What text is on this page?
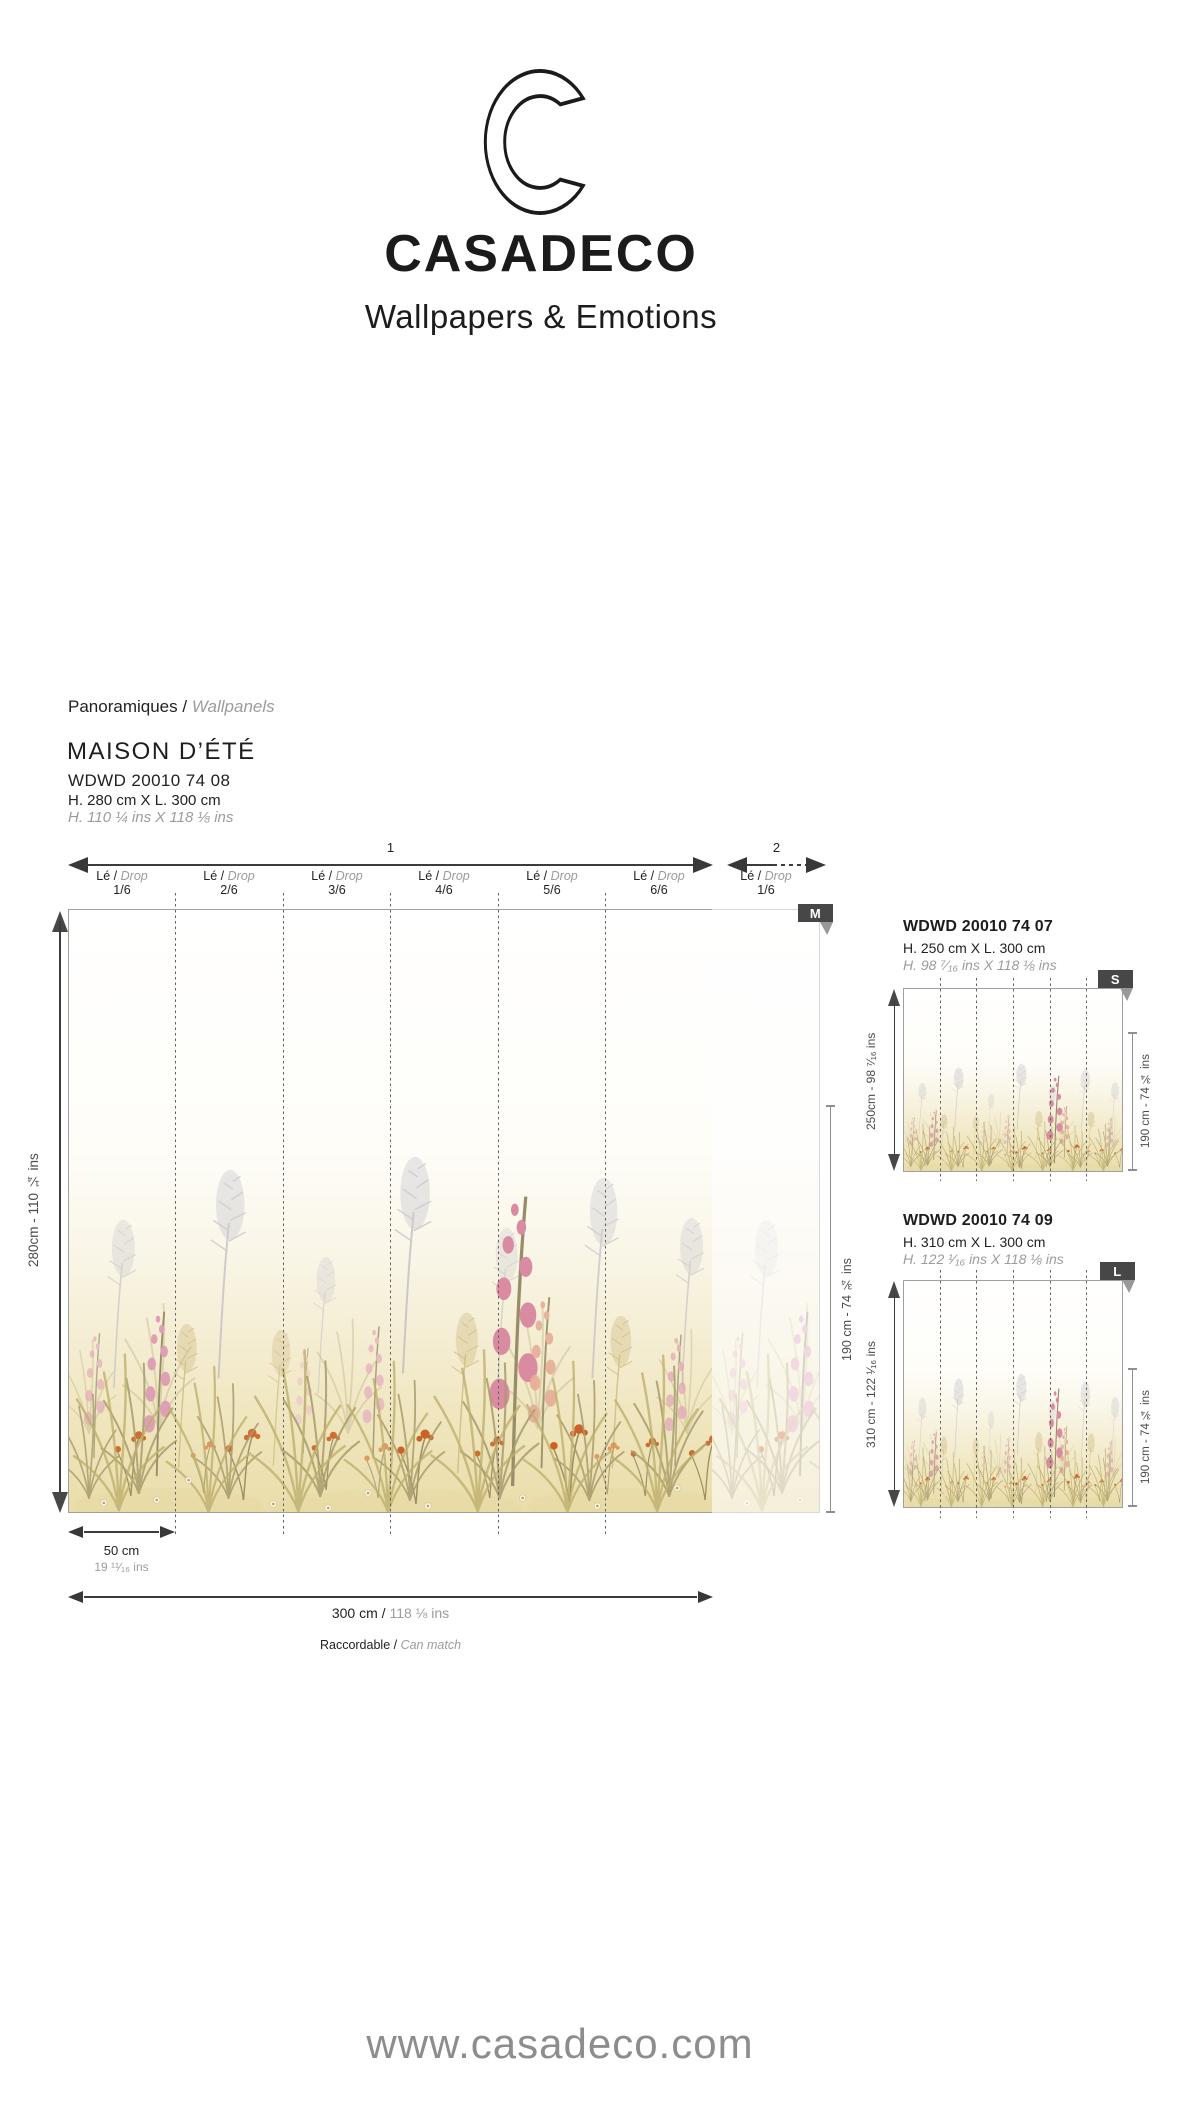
CASADECO
Wallpapers & Emotions
Panoramiques / Wallpanels
MAISON D’ÉTÉ
WDWD 20010 74 08
H. 280 cm X L. 300 cm
H. 110 ¼ ins X 118 ⅛ ins
1	2
Lé / Drop
1/6
Lé / Drop
2/6
Lé / Drop
3/6
Lé / Drop
4/6
Lé / Drop
5/6
Lé / Drop
6/6
Lé / Drop
1/6
M
280cm - 110 ¼ ins
190 cm - 74 ¾ ins
50 cm
19 ¹¹⁄₁₆ ins
300 cm / 118 ⅛ ins
Raccordable / Can match
WDWD 20010 74 07
H. 250 cm X L. 300 cm
H. 98 ⁷⁄₁₆ ins X 118 ⅛ ins
S
250cm - 98 ⁷⁄₁₆ ins	190 cm - 74 ¾ ins
WDWD 20010 74 09
H. 310 cm X L. 300 cm
H. 122 ¹⁄₁₆ ins X 118 ⅛ ins
L
310 cm - 122 ¹⁄₁₆ ins	190 cm - 74 ¾ ins
www.casadeco.com
